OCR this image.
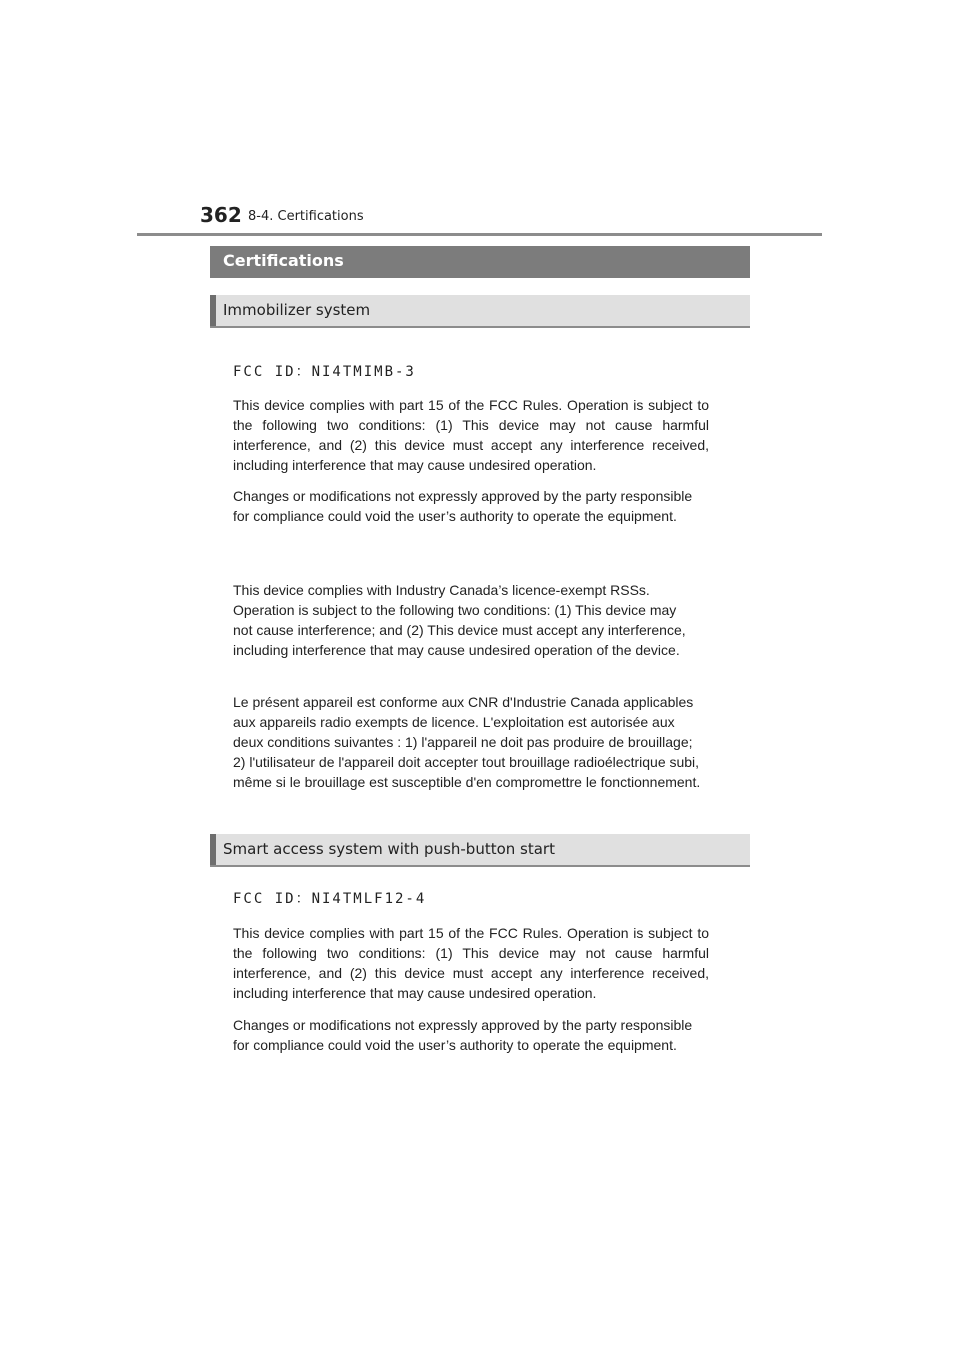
362 8-4. Certifications
Certifications
Immobilizer system
FCC ID：NI4TMIMB-3

This device complies with part 15 of the FCC Rules. Operation is subject to the following two conditions: (1) This device may not cause harmful interference, and (2) this device must accept any interference received, including interference that may cause undesired operation.

Changes or modifications not expressly approved by the party responsible for compliance could void the user’s authority to operate the equipment.

This device complies with Industry Canada’s licence-exempt RSSs. Operation is subject to the following two conditions: (1) This device may not cause interference; and (2) This device must accept any interference, including interference that may cause undesired operation of the device.

Le présent appareil est conforme aux CNR d'Industrie Canada applicables aux appareils radio exempts de licence. L'exploitation est autorisée aux deux conditions suivantes : 1) l'appareil ne doit pas produire de brouillage; 2) l'utilisateur de l'appareil doit accepter tout brouillage radioélectrique subi, même si le brouillage est susceptible d'en compromettre le fonctionnement.

Smart access system with push-button start
FCC ID：NI4TMLF12-4

This device complies with part 15 of the FCC Rules. Operation is subject to the following two conditions: (1) This device may not cause harmful interference, and (2) this device must accept any interference received, including interference that may cause undesired operation.

Changes or modifications not expressly approved by the party responsible for compliance could void the user’s authority to operate the equipment.
